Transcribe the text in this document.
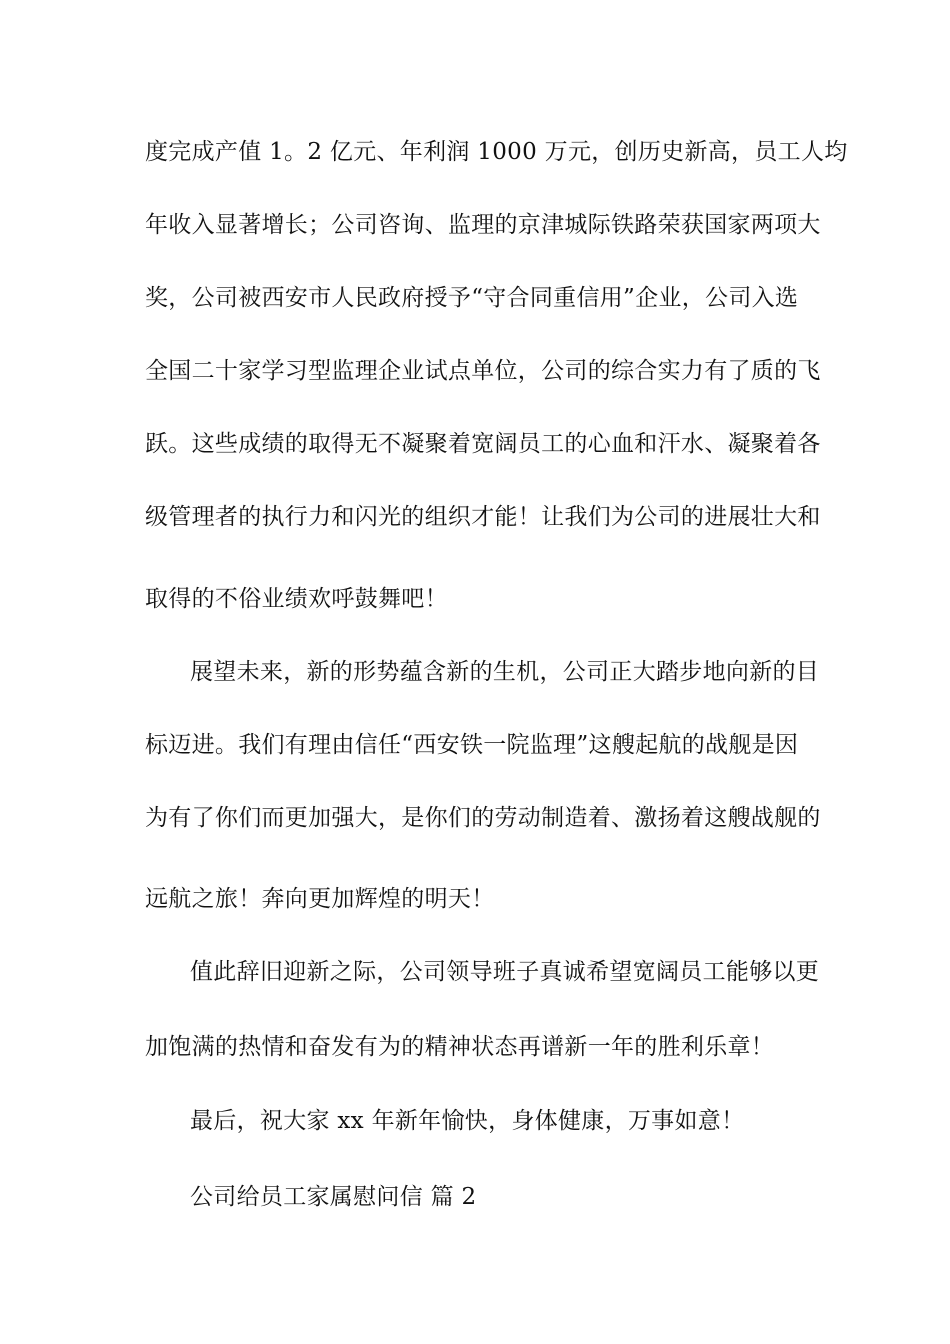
度完成产值 1。2 亿元、年利润 1000 万元，创历史新高，员工人均
年收入显著增长；公司咨询、监理的京津城际铁路荣获国家两项大
奖，公司被西安市人民政府授予“守合同重信用”企业，公司入选
全国二十家学习型监理企业试点单位，公司的综合实力有了质的飞
跃。这些成绩的取得无不凝聚着宽阔员工的心血和汗水、凝聚着各
级管理者的执行力和闪光的组织才能！让我们为公司的进展壮大和
取得的不俗业绩欢呼鼓舞吧！
展望未来，新的形势蕴含新的生机，公司正大踏步地向新的目
标迈进。我们有理由信任“西安铁一院监理”这艘起航的战舰是因
为有了你们而更加强大，是你们的劳动制造着、激扬着这艘战舰的
远航之旅！奔向更加辉煌的明天！
值此辞旧迎新之际，公司领导班子真诚希望宽阔员工能够以更
加饱满的热情和奋发有为的精神状态再谱新一年的胜利乐章！
最后，祝大家 xx 年新年愉快，身体健康，万事如意！
公司给员工家属慰问信 篇 2
